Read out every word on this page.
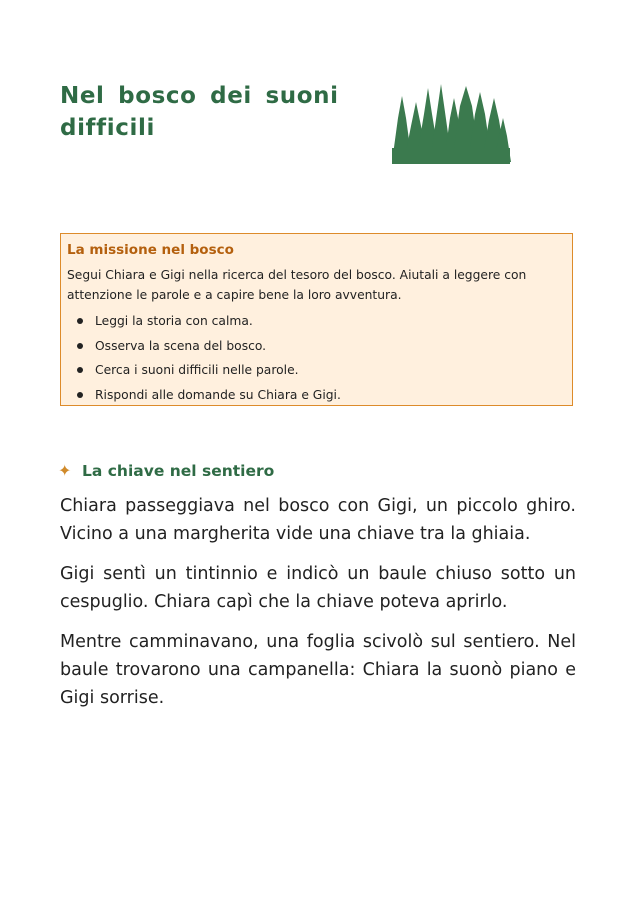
Nel bosco dei suoni difficili
La missione nel bosco

Segui Chiara e Gigi nella ricerca del tesoro del bosco. Aiutali a leggere con attenzione le parole e a capire bene la loro avventura.

Leggi la storia con calma.
Osserva la scena del bosco.
Cerca i suoni difficili nelle parole.
Rispondi alle domande su Chiara e Gigi.
✦ La chiave nel sentiero

Chiara passeggiava nel bosco con Gigi, un piccolo ghiro. Vicino a una margherita vide una chiave tra la ghiaia.

Gigi sentì un tintinnio e indicò un baule chiuso sotto un cespuglio. Chiara capì che la chiave poteva aprirlo.

Mentre camminavano, una foglia scivolò sul sentiero. Nel baule trovarono una campanella: Chiara la suonò piano e Gigi sorrise.
